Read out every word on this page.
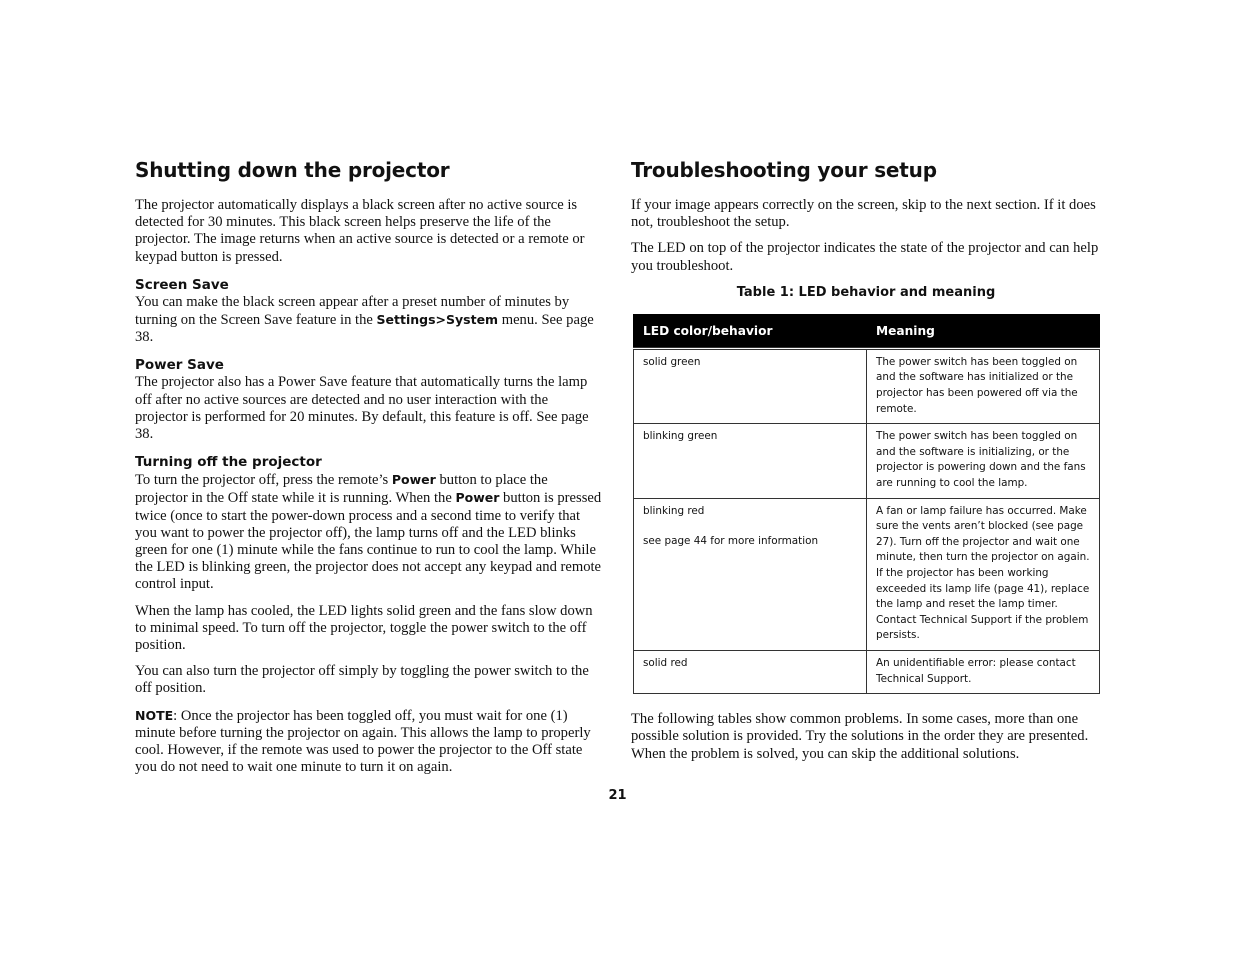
Shutting down the projector

The projector automatically displays a black screen after no active source is detected for 30 minutes. This black screen helps preserve the life of the projector. The image returns when an active source is detected or a remote or keypad button is pressed.

Screen Save

You can make the black screen appear after a preset number of minutes by turning on the Screen Save feature in the Settings>System menu. See page 38.

Power Save

The projector also has a Power Save feature that automatically turns the lamp off after no active sources are detected and no user interaction with the projector is performed for 20 minutes. By default, this feature is off. See page 38.

Turning off the projector

To turn the projector off, press the remote’s Power button to place the projector in the Off state while it is running. When the Power button is pressed twice (once to start the power-down process and a second time to verify that you want to power the projector off), the lamp turns off and the LED blinks green for one (1) minute while the fans continue to run to cool the lamp. While the LED is blinking green, the projector does not accept any keypad and remote control input.

When the lamp has cooled, the LED lights solid green and the fans slow down to minimal speed. To turn off the projector, toggle the power switch to the off position.

You can also turn the projector off simply by toggling the power switch to the off position.

NOTE: Once the projector has been toggled off, you must wait for one (1) minute before turning the projector on again. This allows the lamp to properly cool. However, if the remote was used to power the projector to the Off state you do not need to wait one minute to turn it on again.

Troubleshooting your setup

If your image appears correctly on the screen, skip to the next section. If it does not, troubleshoot the setup.

The LED on top of the projector indicates the state of the projector and can help you troubleshoot.

Table 1: LED behavior and meaning
LED color/behavior	Meaning

solid green	The power switch has been toggled on and the software has initialized or the projector has been powered off via the remote.

blinking green	The power switch has been toggled on and the software is initializing, or the projector is powering down and the fans are running to cool the lamp.

blinking red
see page 44 for more information	A fan or lamp failure has occurred. Make sure the vents aren’t blocked (see page 27). Turn off the projector and wait one minute, then turn the projector on again. If the projector has been working exceeded its lamp life (page 41), replace the lamp and reset the lamp timer. Contact Technical Support if the problem persists.

solid red	An unidentifiable error: please contact Technical Support.

The following tables show common problems. In some cases, more than one possible solution is provided. Try the solutions in the order they are presented. When the problem is solved, you can skip the additional solutions.

21
